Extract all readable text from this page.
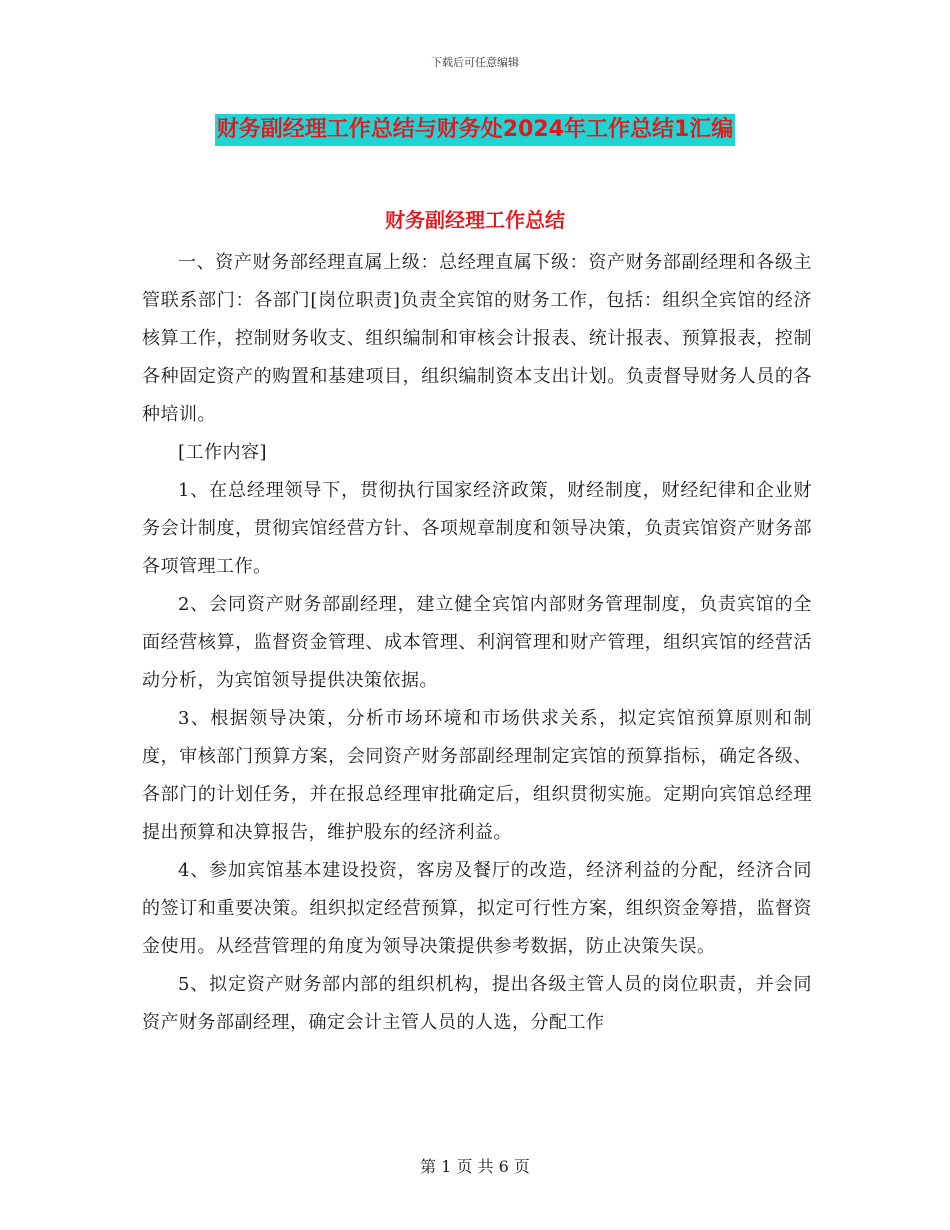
下载后可任意编辑
财务副经理工作总结与财务处2024年工作总结1汇编
财务副经理工作总结

一、资产财务部经理直属上级：总经理直属下级：资产财务部副经理和各级主管联系部门：各部门[岗位职责]负责全宾馆的财务工作，包括：组织全宾馆的经济核算工作，控制财务收支、组织编制和审核会计报表、统计报表、预算报表，控制各种固定资产的购置和基建项目，组织编制资本支出计划。负责督导财务人员的各种培训。

[工作内容]

1、在总经理领导下，贯彻执行国家经济政策，财经制度，财经纪律和企业财务会计制度，贯彻宾馆经营方针、各项规章制度和领导决策，负责宾馆资产财务部各项管理工作。

2、会同资产财务部副经理，建立健全宾馆内部财务管理制度，负责宾馆的全面经营核算，监督资金管理、成本管理、利润管理和财产管理，组织宾馆的经营活动分析，为宾馆领导提供决策依据。

3、根据领导决策，分析市场环境和市场供求关系，拟定宾馆预算原则和制度，审核部门预算方案，会同资产财务部副经理制定宾馆的预算指标，确定各级、各部门的计划任务，并在报总经理审批确定后，组织贯彻实施。定期向宾馆总经理提出预算和决算报告，维护股东的经济利益。

4、参加宾馆基本建设投资，客房及餐厅的改造，经济利益的分配，经济合同的签订和重要决策。组织拟定经营预算，拟定可行性方案，组织资金筹措，监督资金使用。从经营管理的角度为领导决策提供参考数据，防止决策失误。

5、拟定资产财务部内部的组织机构，提出各级主管人员的岗位职责，并会同资产财务部副经理，确定会计主管人员的人选，分配工作

第 1 页 共 6 页
